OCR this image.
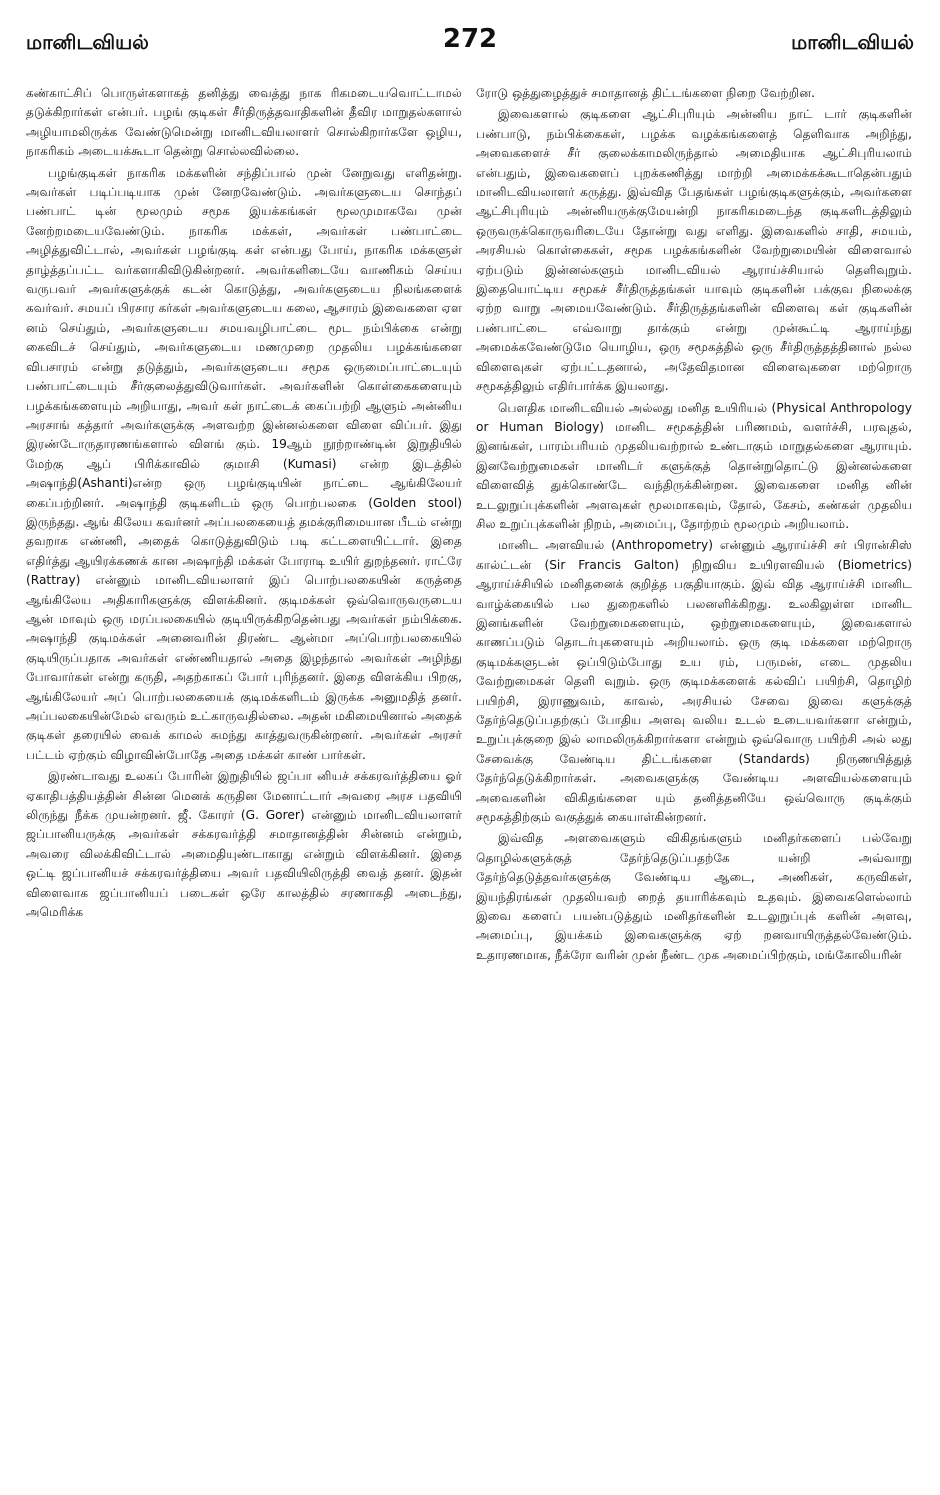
மானிடவியல்	272	மானிடவியல்

கண்காட்சிப் பொருள்களாகத் தனித்து வைத்து நாக ரிகமடையவொட்டாமல் தடுக்கிறார்கள் என்பர். பழங் குடிகள் சீர்திருத்தவாதிகளின் தீவிர மாறுதல்களால் அழியாமலிருக்க வேண்டுமென்று மானிடவியலாளர் சொல்கிறார்களே ஒழிய, நாகரிகம் அடையக்கூடா தென்று சொல்லவில்லை.

பழங்குடிகள் நாகரிக மக்களின் சந்திப்பால் முன் னேறுவது எளிதன்று. அவர்கள் படிப்படியாக முன் னேறவேண்டும். அவர்களுடைய சொந்தப் பண்பாட் டின் மூலமும் சமூக இயக்கங்கள் மூலமுமாகவே முன் னேற்றமடையவேண்டும். நாகரிக மக்கள், அவர்கள் பண்பாட்டை அழித்துவிட்டால், அவர்கள் பழங்குடி கள் என்பது போய், நாகரிக மக்களுள் தாழ்த்தப்பட்ட வர்களாகிவிடுகின்றனர். அவர்களிடையே வாணிகம் செய்ய வருபவர் அவர்களுக்குக் கடன் கொடுத்து, அவர்களுடைய நிலங்களைக் கவர்வர். சமயப் பிரசார கர்கள் அவர்களுடைய கலை, ஆசாரம் இவைகளை ஏள னம் செய்தும், அவர்களுடைய சமயவழிபாட்டை மூட நம்பிக்கை என்று கைவிடச் செய்தும், அவர்களுடைய மணமுறை முதலிய பழக்கங்களை விபசாரம் என்று தடுத்தும், அவர்களுடைய சமூக ஒருமைப்பாட்டையும் பண்பாட்டையும் சீர்குலைத்துவிடுவார்கள். அவர்களின் கொள்கைகளையும் பழக்கங்களையும் அறியாது, அவர் கள் நாட்டைக் கைப்பற்றி ஆளும் அன்னிய அரசாங் கத்தார் அவர்களுக்கு அளவற்ற இன்னல்களை விளை விப்பர். இது இரண்டோருதாரணங்களால் விளங் கும். 19ஆம் நூற்றாண்டின் இறுதியில் மேற்கு ஆப் பிரிக்காவில் குமாசி (Kumasi) என்ற இடத்தில் அஷாந்தி(Ashanti)என்ற ஒரு பழங்குடியின் நாட்டை ஆங்கிலேயர் கைப்பற்றினர். அஷாந்தி குடிகளிடம் ஒரு பொற்பலகை (Golden stool) இருந்தது. ஆங் கிலேய கவர்னர் அப்பலகையைத் தமக்குரிமையான பீடம் என்று தவறாக எண்ணி, அதைக் கொடுத்துவிடும் படி கட்டளையிட்டார். இதை எதிர்த்து ஆயிரக்கணக் கான அஷாந்தி மக்கள் போராடி உயிர் துறந்தனர். ராட்ரே (Rattray) என்னும் மானிடவியலாளர் இப் பொற்பலகையின் கருத்தை ஆங்கிலேய அதிகாரிகளுக்கு விளக்கினர். குடிமக்கள் ஒவ்வொருவருடைய ஆன் மாவும் ஒரு மரப்பலகையில் குடியிருக்கிறதென்பது அவர்கள் நம்பிக்கை. அஷாந்தி குடிமக்கள் அனைவரின் திரண்ட ஆன்மா அப்பொற்பலகையில் குடியிருப்பதாக அவர்கள் எண்ணியதால் அதை இழந்தால் அவர்கள் அழிந்து போவார்கள் என்று கருதி, அதற்காகப் போர் புரிந்தனர். இதை விளக்கிய பிறகு, ஆங்கிலேயர் அப் பொற்பலகையைக் குடிமக்களிடம் இருக்க அனுமதித் தனர். அப்பலகையின்மேல் எவரும் உட்காருவதில்லை. அதன் மகிமையினால் அதைக் குடிகள் தரையில் வைக் காமல் சுமந்து காத்துவருகின்றனர். அவர்கள் அரசர் பட்டம் ஏற்கும் விழாவின்போதே அதை மக்கள் காண் பார்கள்.

இரண்டாவது உலகப் போரின் இறுதியில் ஜப்பா னியச் சக்கரவர்த்தியை ஓர் ஏகாதிபத்தியத்தின் சின்ன மெனக் கருதின மேனாட்டார் அவரை அரச பதவியி லிருந்து நீக்க முயன்றனர். ஜீ. கோரர் (G. Gorer) என்னும் மானிடவியலாளர் ஜப்பானியருக்கு அவர்கள் சக்கரவர்த்தி சமாதானத்தின் சின்னம் என்றும், அவரை விலக்கிவிட்டால் அமைதியுண்டாகாது என்றும் விளக்கினர். இதை ஒட்டி ஜப்பானியச் சக்கரவர்த்தியை அவர் பதவியிலிருத்தி வைத் தனர். இதன் விளைவாக ஜப்பானியப் படைகள் ஒரே காலத்தில் சரணாகதி அடைந்து, அமெரிக்க

ரோடு ஒத்துழைத்துச் சமாதானத் திட்டங்களை நிறை வேற்றின.

இவைகளால் குடிகளை ஆட்சிபுரியும் அன்னிய நாட் டார் குடிகளின் பண்பாடு, நம்பிக்கைகள், பழக்க வழக்கங்களைத் தெளிவாக அறிந்து, அவைகளைச் சீர் குலைக்காமலிருந்தால் அமைதியாக ஆட்சிபுரியலாம் என்பதும், இவைகளைப் புறக்கணித்து மாற்றி அமைக்கக்கூடாதென்பதும் மானிடவியலாளர் கருத்து. இவ்வித பேதங்கள் பழங்குடிகளுக்கும், அவர்களை ஆட்சிபுரியும் அன்னியருக்குமேயன்றி நாகரிகமடைந்த குடிகளிடத்திலும் ஒருவருக்கொருவரிடையே தோன்று வது எளிது. இவைகளில் சாதி, சமயம், அரசியல் கொள்கைகள், சமூக பழக்கங்களின் வேற்றுமையின் விளைவால் ஏற்படும் இன்னல்களும் மானிடவியல் ஆராய்ச்சியால் தெளிவுறும். இதையொட்டிய சமூகச் சீர்திருத்தங்கள் யாவும் குடிகளின் பக்குவ நிலைக்கு ஏற்ற வாறு அமையவேண்டும். சீர்திருத்தங்களின் விளைவு கள் குடிகளின் பண்பாட்டை எவ்வாறு தாக்கும் என்று முன்கூட்டி ஆராய்ந்து அமைக்கவேண்டுமே யொழிய, ஒரு சமூகத்தில் ஒரு சீர்திருத்தத்தினால் நல்ல விளைவுகள் ஏற்பட்டதனால், அதேவிதமான விளைவுகளை மற்றொரு சமூகத்திலும் எதிர்பார்க்க இயலாது.

பௌதிக மானிடவியல் அல்லது மனித உயிரியல் (Physical Anthropology or Human Biology) மானிட சமூகத்தின் பரிணமம், வளர்ச்சி, பரவுதல், இனங்கள், பாரம்பரியம் முதலியவற்றால் உண்டாகும் மாறுதல்களை ஆராயும். இனவேற்றுமைகள் மானிடர் களுக்குத் தொன்றுதொட்டு இன்னல்களை விளைவித் துக்கொண்டே வந்திருக்கின்றன. இவைகளை மனித னின் உடலுறுப்புக்களின் அளவுகள் மூலமாகவும், தோல், கேசம், கண்கள் முதலிய சில உறுப்புக்களின் நிறம், அமைப்பு, தோற்றம் மூலமும் அறியலாம்.

மானிட அளவியல் (Anthropometry) என்னும் ஆராய்ச்சி சர் பிரான்சிஸ் கால்ட்டன் (Sir Francis Galton) நிறுவிய உயிரளவியல் (Biometrics) ஆராய்ச்சியில் மனிதனைக் குறித்த பகுதியாகும். இவ் வித ஆராய்ச்சி மானிட வாழ்க்கையில் பல துறைகளில் பலனளிக்கிறது. உலகிலுள்ள மானிட இனங்களின் வேற்றுமைகளையும், ஒற்றுமைகளையும், இவைகளால் காணப்படும் தொடர்புகளையும் அறியலாம். ஒரு குடி மக்களை மற்றொரு குடிமக்களுடன் ஒப்பிடும்போது உய ரம், பருமன், எடை முதலிய வேற்றுமைகள் தெளி வுறும். ஒரு குடிமக்களைக் கல்விப் பயிற்சி, தொழிற் பயிற்சி, இராணுவம், காவல், அரசியல் சேவை இவை களுக்குத் தேர்ந்தெடுப்பதற்குப் போதிய அளவு வலிய உடல் உடையவர்களா என்றும், உறுப்புக்குறை இல் லாமலிருக்கிறார்களா என்றும் ஒவ்வொரு பயிற்சி அல் லது சேவைக்கு வேண்டிய திட்டங்களை (Standards) நிருணயித்துத் தேர்ந்தெடுக்கிறார்கள். அவைகளுக்கு வேண்டிய அளவியல்களையும் அவைகளின் விகிதங்களை யும் தனித்தனியே ஒவ்வொரு குடிக்கும் சமூகத்திற்கும் வகுத்துக் கையாள்கின்றனர்.

இவ்வித அளவைகளும் விகிதங்களும் மனிதர்களைப் பல்வேறு தொழில்களுக்குத் தேர்ந்தெடுப்பதற்கே யன்றி அவ்வாறு தேர்ந்தெடுத்தவர்களுக்கு வேண்டிய ஆடை, அணிகள், கருவிகள், இயந்திரங்கள் முதலியவற் றைத் தயாரிக்கவும் உதவும். இவைகளெல்லாம் இவை களைப் பயன்படுத்தும் மனிதர்களின் உடலுறுப்புக் களின் அளவு, அமைப்பு, இயக்கம் இவைகளுக்கு ஏற் றனவாயிருத்தல்வேண்டும். உதாரணமாக, நீக்ரோ வரின் முன் நீண்ட முக அமைப்பிற்கும், மங்கோலியரின்
